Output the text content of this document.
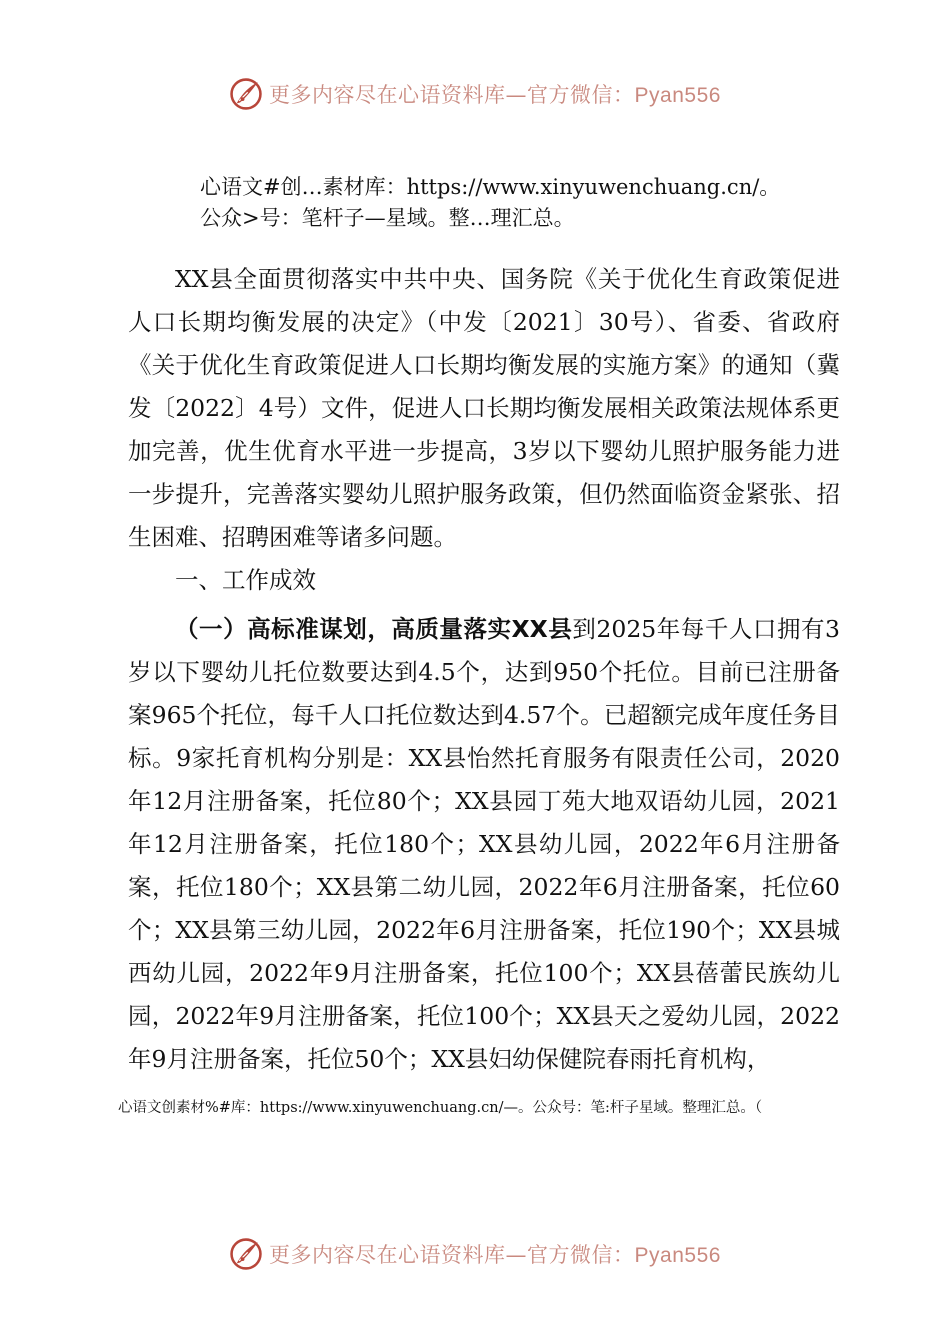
更多内容尽在心语资料库—官方微信：Pyan556
心语文#创…素材库：https://www.xinyuwenchuang.cn/。
公众>号：笔杆子—星域。整…理汇总。

XX县全面贯彻落实中共中央、国务院《关于优化生育政策促进人口长期均衡发展的决定》（中发〔2021〕30号）、省委、省政府《关于优化生育政策促进人口长期均衡发展的实施方案》的通知（冀发〔2022〕4号）文件，促进人口长期均衡发展相关政策法规体系更加完善，优生优育水平进一步提高，3岁以下婴幼儿照护服务能力进一步提升，完善落实婴幼儿照护服务政策，但仍然面临资金紧张、招生困难、招聘困难等诸多问题。

一、工作成效

（一）高标准谋划，高质量落实XX县到2025年每千人口拥有3岁以下婴幼儿托位数要达到4.5个，达到950个托位。目前已注册备案965个托位，每千人口托位数达到4.57个。已超额完成年度任务目标。9家托育机构分别是：XX县怡然托育服务有限责任公司，2020年12月注册备案，托位80个；XX县园丁苑大地双语幼儿园，2021年12月注册备案，托位180个；XX县幼儿园，2022年6月注册备案，托位180个；XX县第二幼儿园，2022年6月注册备案，托位60个；XX县第三幼儿园，2022年6月注册备案，托位190个；XX县城西幼儿园，2022年9月注册备案，托位100个；XX县蓓蕾民族幼儿园，2022年9月注册备案，托位100个；XX县天之爱幼儿园，2022年9月注册备案，托位50个；XX县妇幼保健院春雨托育机构，

心语文创素材%#库：https://www.xinyuwenchuang.cn/—。公众号：笔:杆子星域。整理汇总。（
更多内容尽在心语资料库—官方微信：Pyan556
